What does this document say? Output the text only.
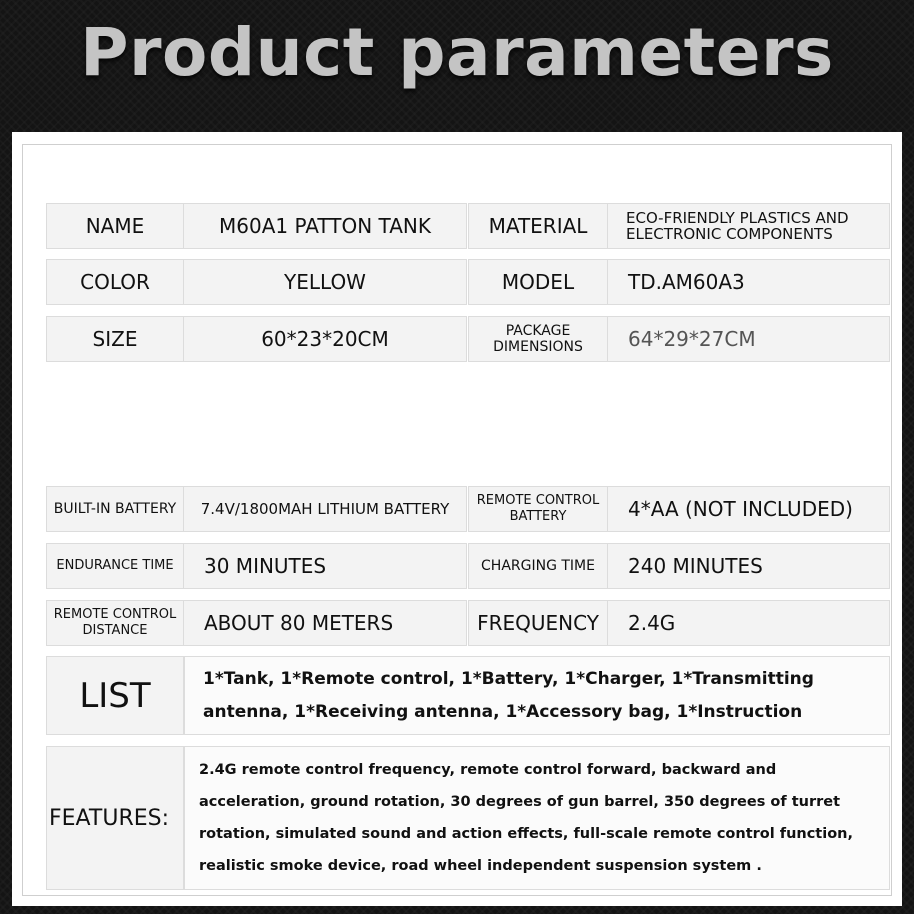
Product parameters
NAME	M60A1 PATTON TANK	MATERIAL	ECO-FRIENDLY PLASTICS AND ELECTRONIC COMPONENTS
COLOR	YELLOW	MODEL	TD.AM60A3
SIZE	60*23*20CM	PACKAGE DIMENSIONS	64*29*27CM
BUILT-IN BATTERY	7.4V/1800MAH LITHIUM BATTERY	REMOTE CONTROL BATTERY	4*AA (NOT INCLUDED)
ENDURANCE TIME	30 MINUTES	CHARGING TIME	240 MINUTES
REMOTE CONTROL DISTANCE	ABOUT 80 METERS	FREQUENCY	2.4G
LIST	1*Tank, 1*Remote control, 1*Battery, 1*Charger, 1*Transmitting antenna, 1*Receiving antenna, 1*Accessory bag, 1*Instruction
FEATURES:
2.4G remote control frequency, remote control forward, backward and acceleration, ground rotation, 30 degrees of gun barrel, 350 degrees of turret rotation, simulated sound and action effects, full-scale remote control function, realistic smoke device, road wheel independent suspension system .
